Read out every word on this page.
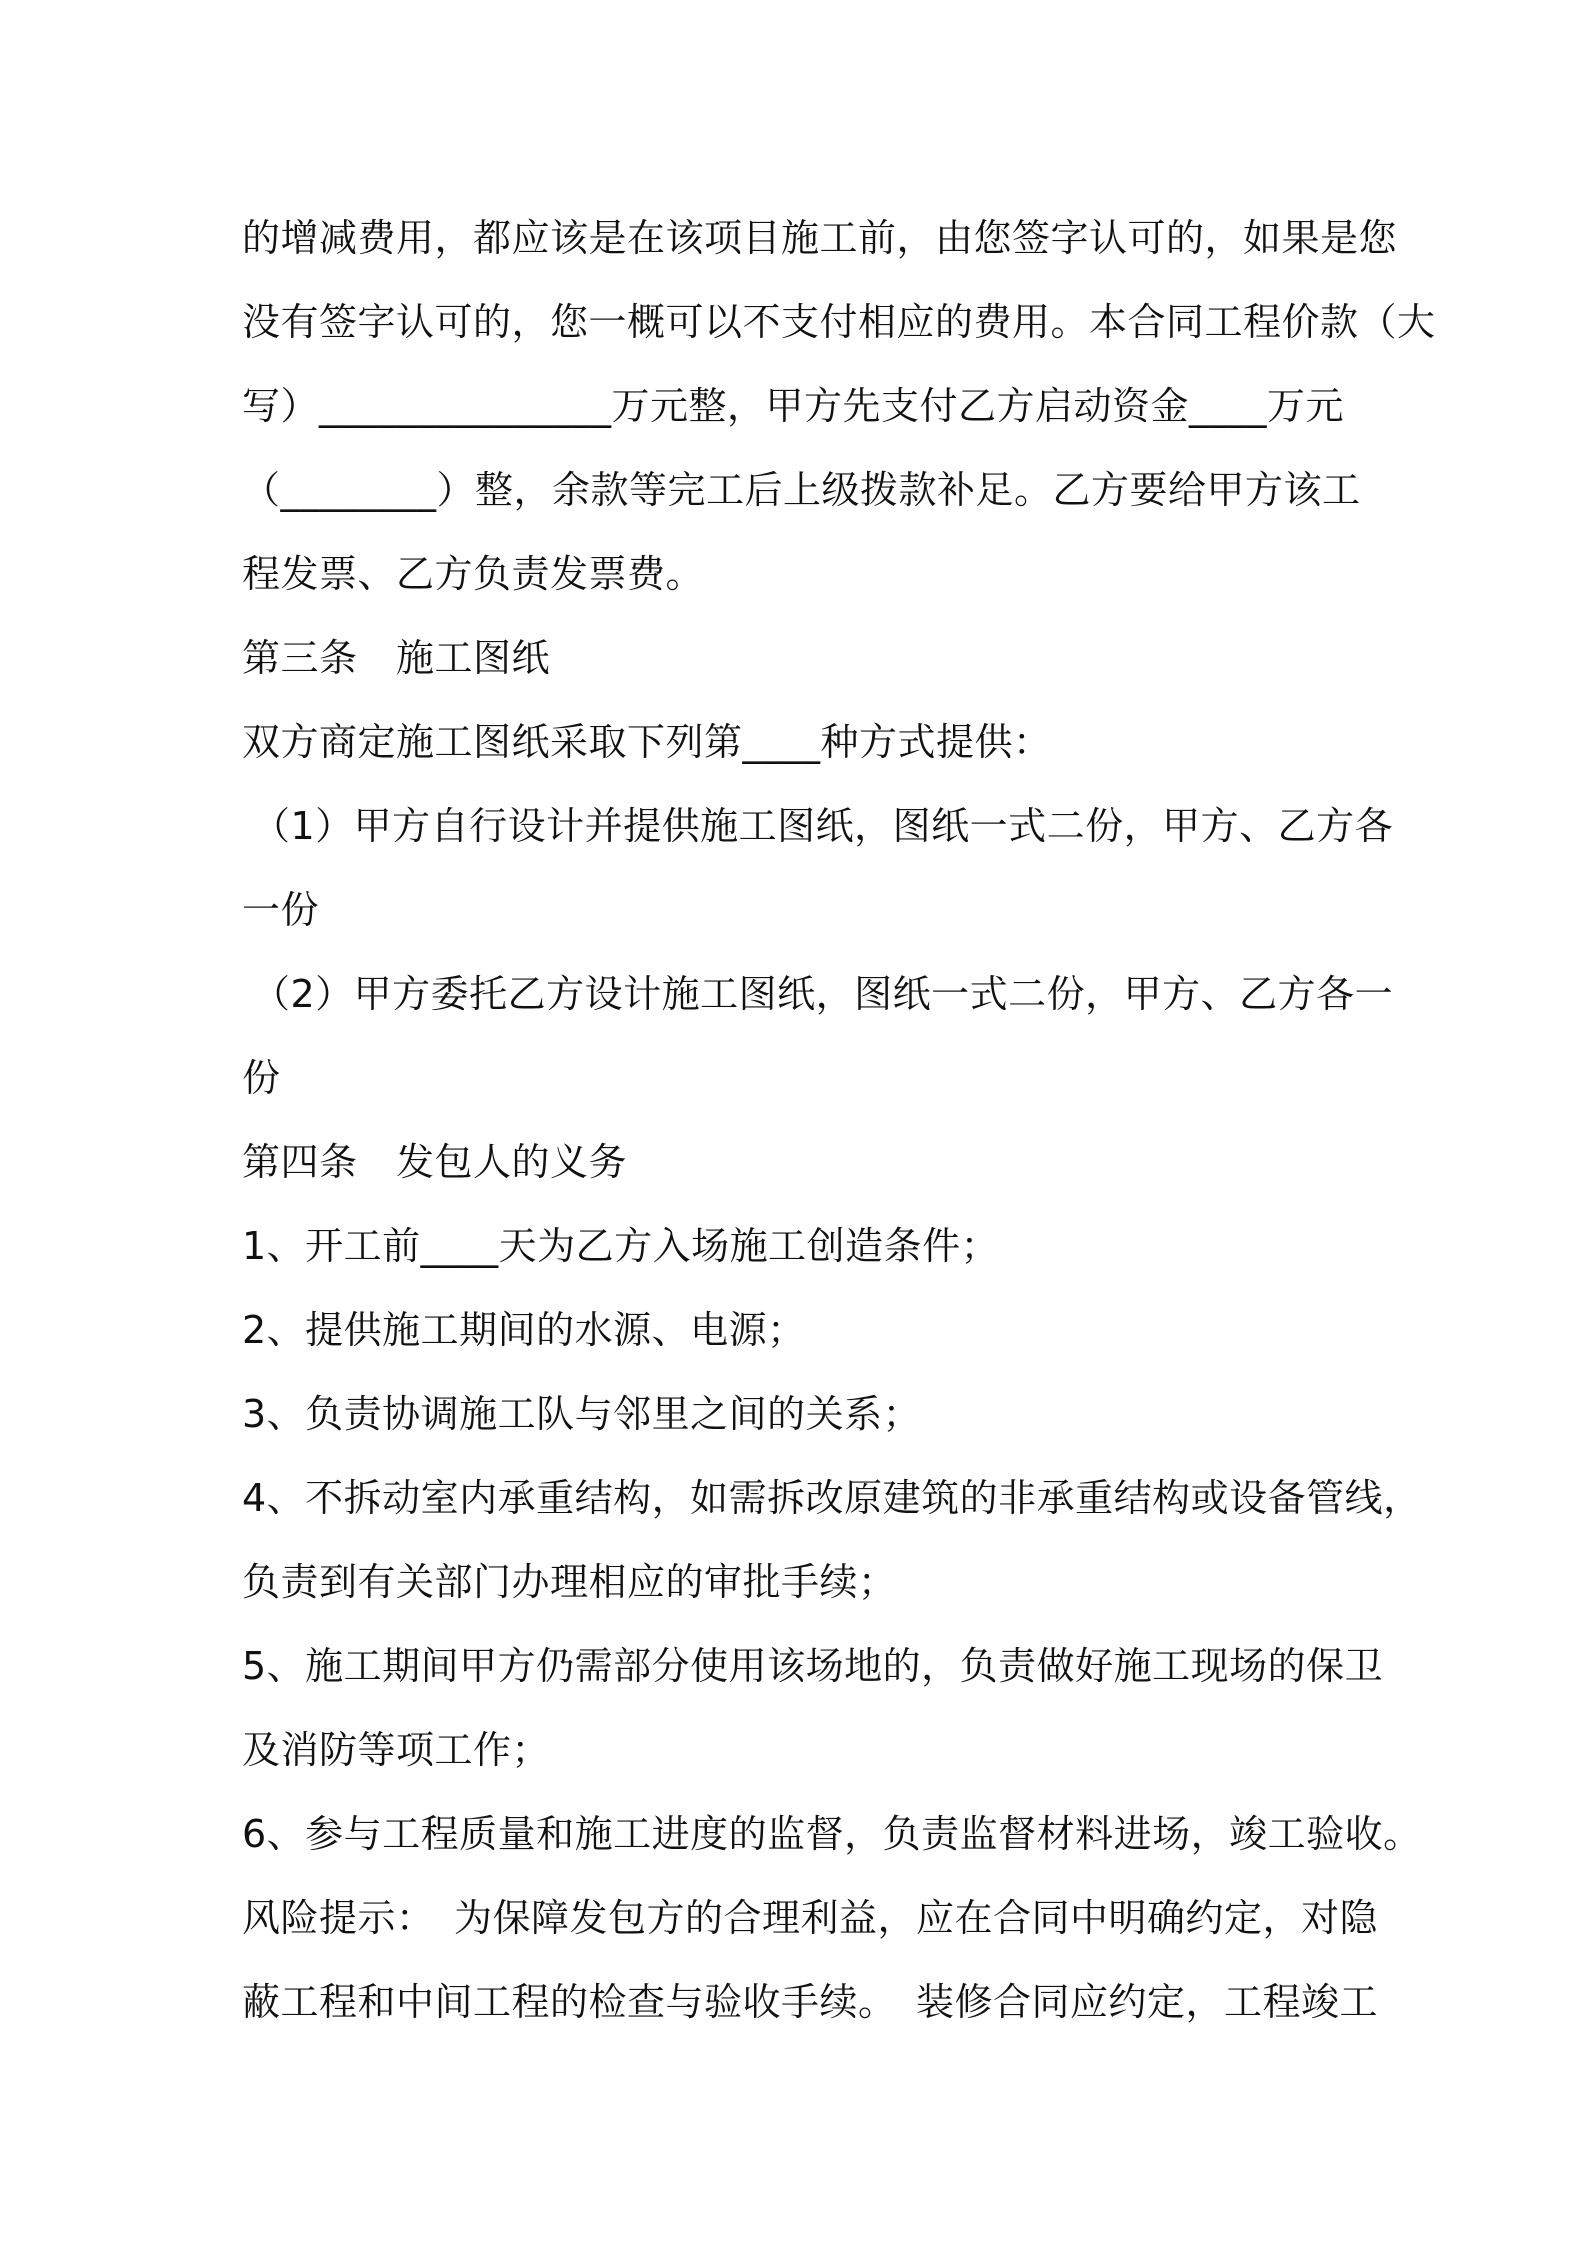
的增减费用，都应该是在该项目施工前，由您签字认可的，如果是您
没有签字认可的，您一概可以不支付相应的费用。本合同工程价款（大
写）_______________万元整，甲方先支付乙方启动资金____万元
（________）整，余款等完工后上级拨款补足。乙方要给甲方该工
程发票、乙方负责发票费。
第三条　施工图纸
双方商定施工图纸采取下列第____种方式提供：
（1）甲方自行设计并提供施工图纸，图纸一式二份，甲方、乙方各
一份
（2）甲方委托乙方设计施工图纸，图纸一式二份，甲方、乙方各一
份
第四条　发包人的义务
1、开工前____天为乙方入场施工创造条件；
2、提供施工期间的水源、电源；
3、负责协调施工队与邻里之间的关系；
4、不拆动室内承重结构，如需拆改原建筑的非承重结构或设备管线，
负责到有关部门办理相应的审批手续；
5、施工期间甲方仍需部分使用该场地的，负责做好施工现场的保卫
及消防等项工作；
6、参与工程质量和施工进度的监督，负责监督材料进场，竣工验收。
风险提示：　为保障发包方的合理利益，应在合同中明确约定，对隐
蔽工程和中间工程的检查与验收手续。　装修合同应约定，工程竣工
